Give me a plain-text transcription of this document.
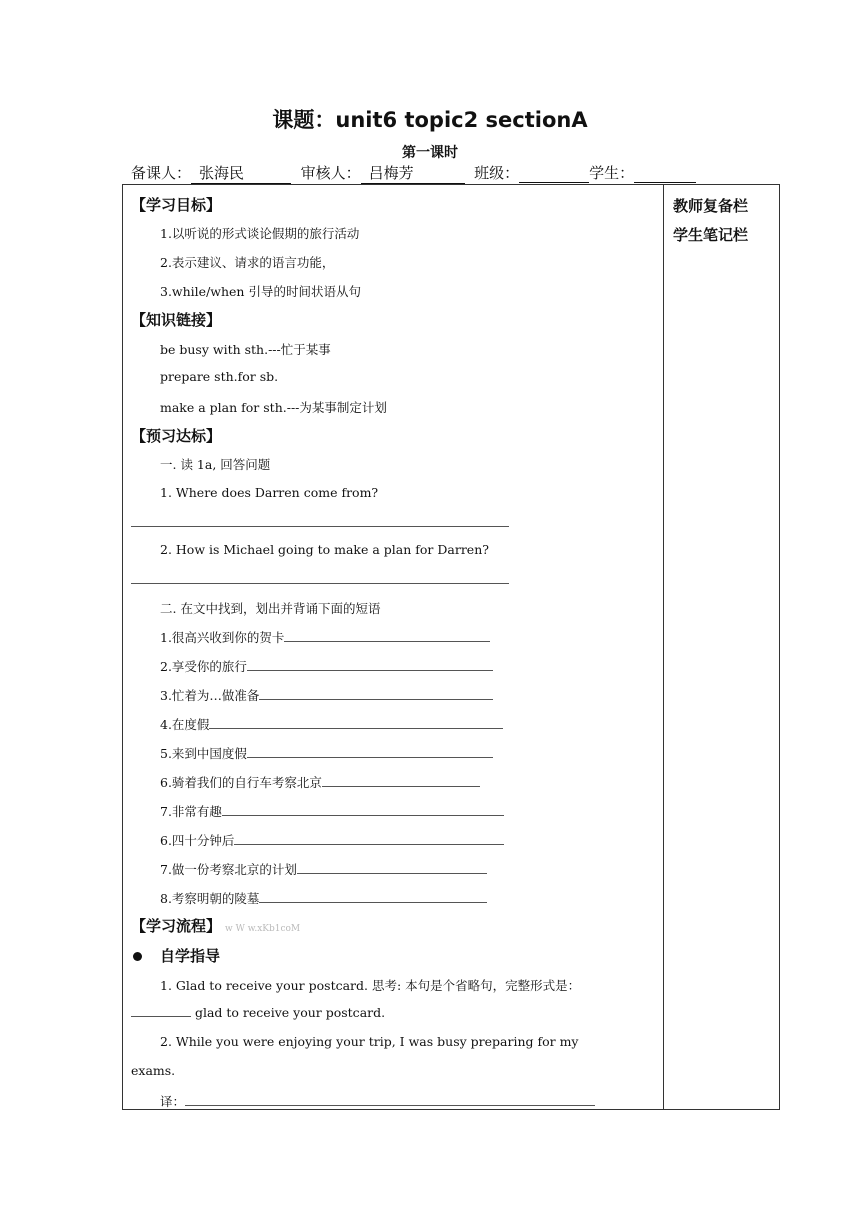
课题：unit6 topic2 sectionA
第一课时
备课人： 张海民	审核人： 吕梅芳	班级：	学生：
教师复备栏
学生笔记栏
【学习目标】
1.以听说的形式谈论假期的旅行活动
2.表示建议、请求的语言功能，
3.while/when 引导的时间状语从句
【知识链接】
be busy with sth.---忙于某事
prepare sth.for sb.
make a plan for sth.---为某事制定计划
【预习达标】
一. 读 1a, 回答问题
1. Where does Darren come from?
2. How is Michael going to make a plan for Darren?
二. 在文中找到，划出并背诵下面的短语
1.很高兴收到你的贺卡
2.享受你的旅行
3.忙着为…做准备
4.在度假
5.来到中国度假
6.骑着我们的自行车考察北京
7.非常有趣
6.四十分钟后
7.做一份考察北京的计划
8.考察明朝的陵墓
【学习流程】 w W w.xKb1coM
自学指导
1. Glad to receive your postcard. 思考: 本句是个省略句，完整形式是：
glad to receive your postcard.
2. While you were enjoying your trip, I was busy preparing for my
exams.
译：
